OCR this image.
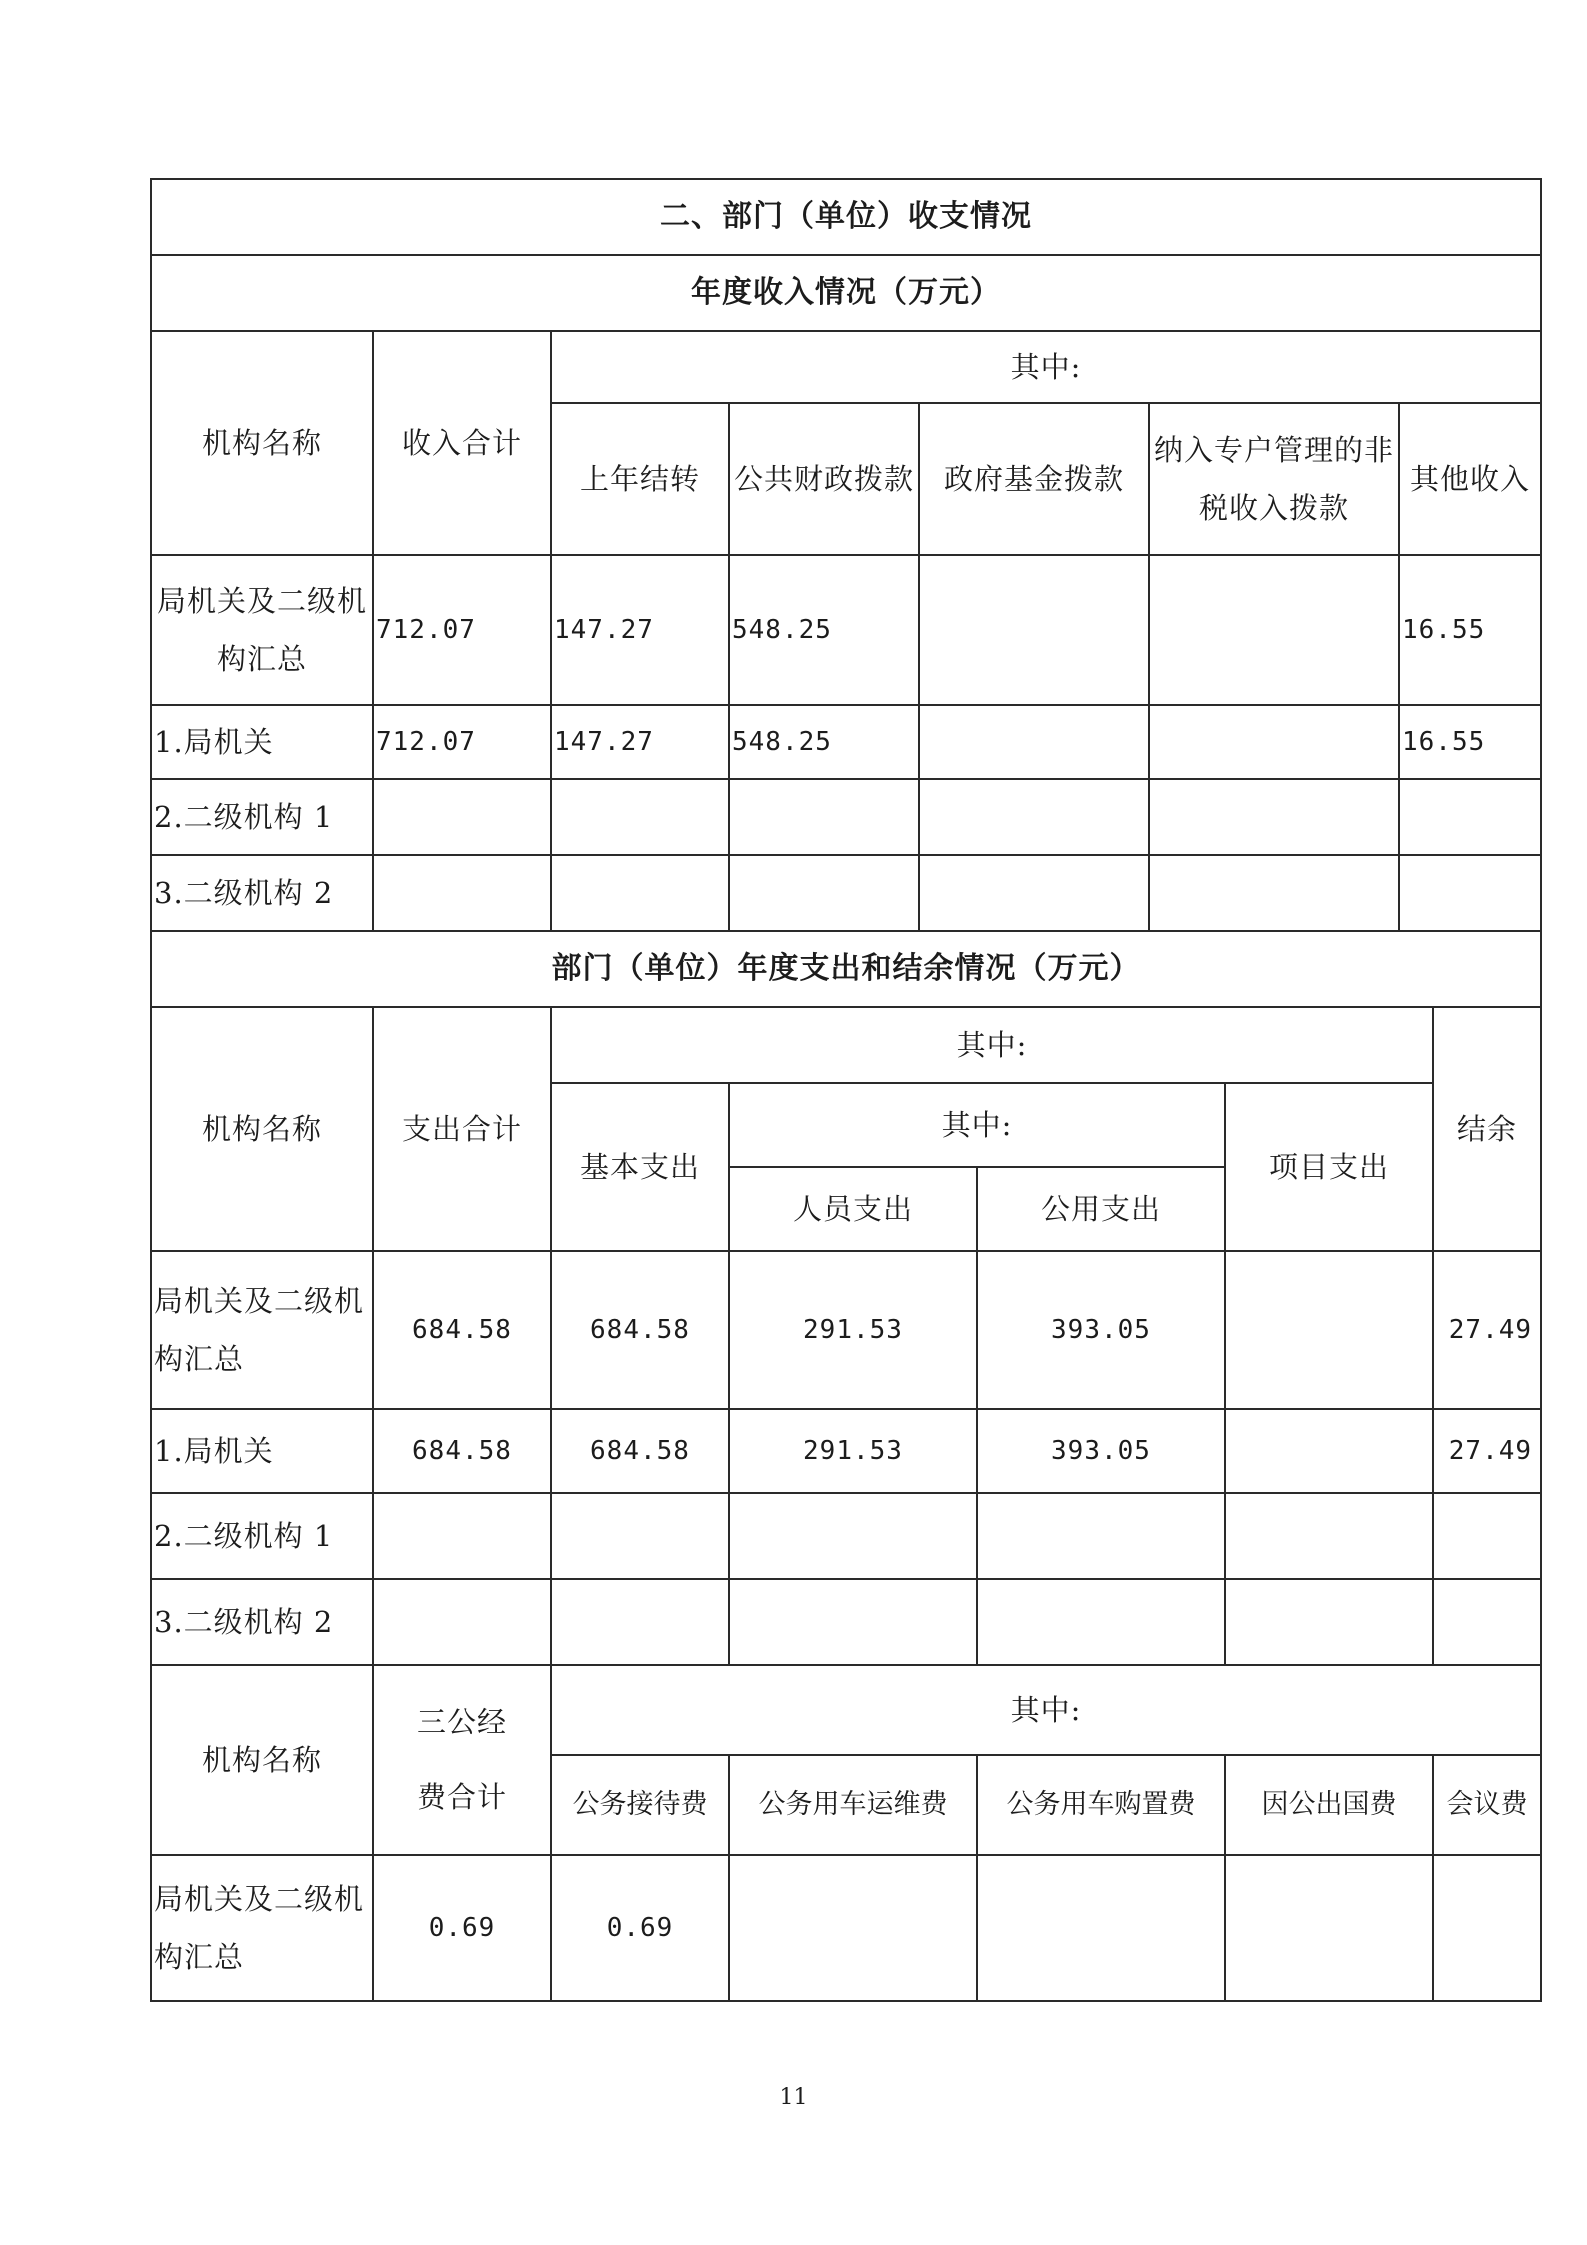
二、部门（单位）收支情况						
年度收入情况（万元）						
机构名称	收入合计	其中:				
		上年结转	公共财政拨款	政府基金拨款	纳入专户管理的非税收入拨款	其他收入
局机关及二级机构汇总	712.07	147.27	548.25			16.55
1.局机关	712.07	147.27	548.25			16.55
2.二级机构 1						
3.二级机构 2						
部门（单位）年度支出和结余情况（万元）						
机构名称	支出合计	其中:				结余
		基本支出	其中:		项目支出	
			人员支出	公用支出		
局机关及二级机构汇总	684.58	684.58	291.53	393.05		27.49
1.局机关	684.58	684.58	291.53	393.05		27.49
2.二级机构 1						
3.二级机构 2						
机构名称	三公经费合计	其中:				
		公务接待费	公务用车运维费	公务用车购置费	因公出国费	会议费
局机关及二级机构汇总	0.69	0.69				
11
